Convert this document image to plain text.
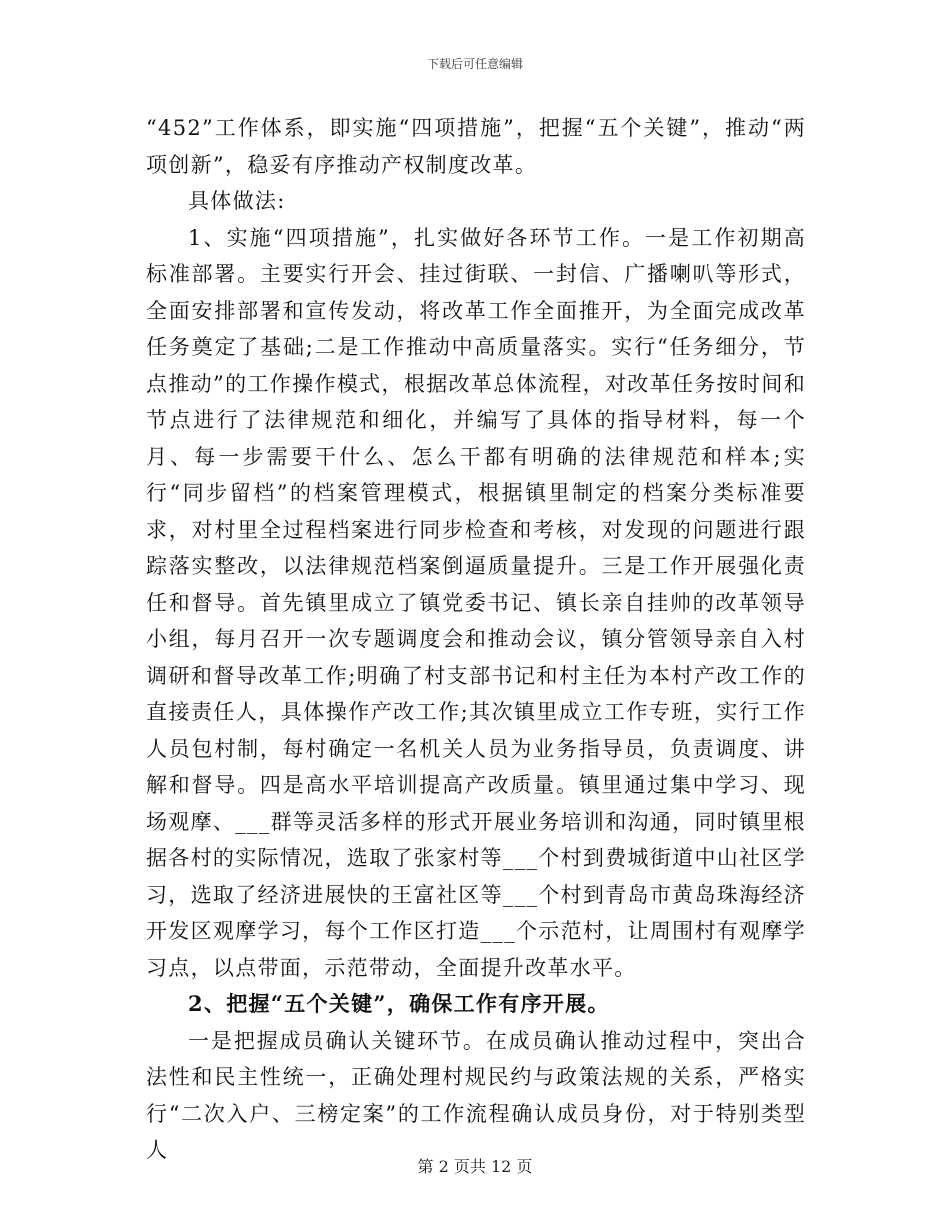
下载后可任意编辑

“452”工作体系，即实施“四项措施”，把握“五个关键”，推动“两项创新”，稳妥有序推动产权制度改革。

具体做法:

1、实施“四项措施”，扎实做好各环节工作。一是工作初期高标准部署。主要实行开会、挂过街联、一封信、广播喇叭等形式，全面安排部署和宣传发动，将改革工作全面推开，为全面完成改革任务奠定了基础;二是工作推动中高质量落实。实行“任务细分，节点推动”的工作操作模式，根据改革总体流程，对改革任务按时间和节点进行了法律规范和细化，并编写了具体的指导材料，每一个月、每一步需要干什么、怎么干都有明确的法律规范和样本;实行“同步留档”的档案管理模式，根据镇里制定的档案分类标准要求，对村里全过程档案进行同步检查和考核，对发现的问题进行跟踪落实整改，以法律规范档案倒逼质量提升。三是工作开展强化责任和督导。首先镇里成立了镇党委书记、镇长亲自挂帅的改革领导小组，每月召开一次专题调度会和推动会议，镇分管领导亲自入村调研和督导改革工作;明确了村支部书记和村主任为本村产改工作的直接责任人，具体操作产改工作;其次镇里成立工作专班，实行工作人员包村制，每村确定一名机关人员为业务指导员，负责调度、讲解和督导。四是高水平培训提高产改质量。镇里通过集中学习、现场观摩、___群等灵活多样的形式开展业务培训和沟通，同时镇里根据各村的实际情况，选取了张家村等___个村到费城街道中山社区学习，选取了经济进展快的王富社区等___个村到青岛市黄岛珠海经济开发区观摩学习，每个工作区打造___个示范村，让周围村有观摩学习点，以点带面，示范带动，全面提升改革水平。

2、把握“五个关键”，确保工作有序开展。

一是把握成员确认关键环节。在成员确认推动过程中，突出合法性和民主性统一，正确处理村规民约与政策法规的关系，严格实行“二次入户、三榜定案”的工作流程确认成员身份，对于特别类型人

第 2 页共 12 页
